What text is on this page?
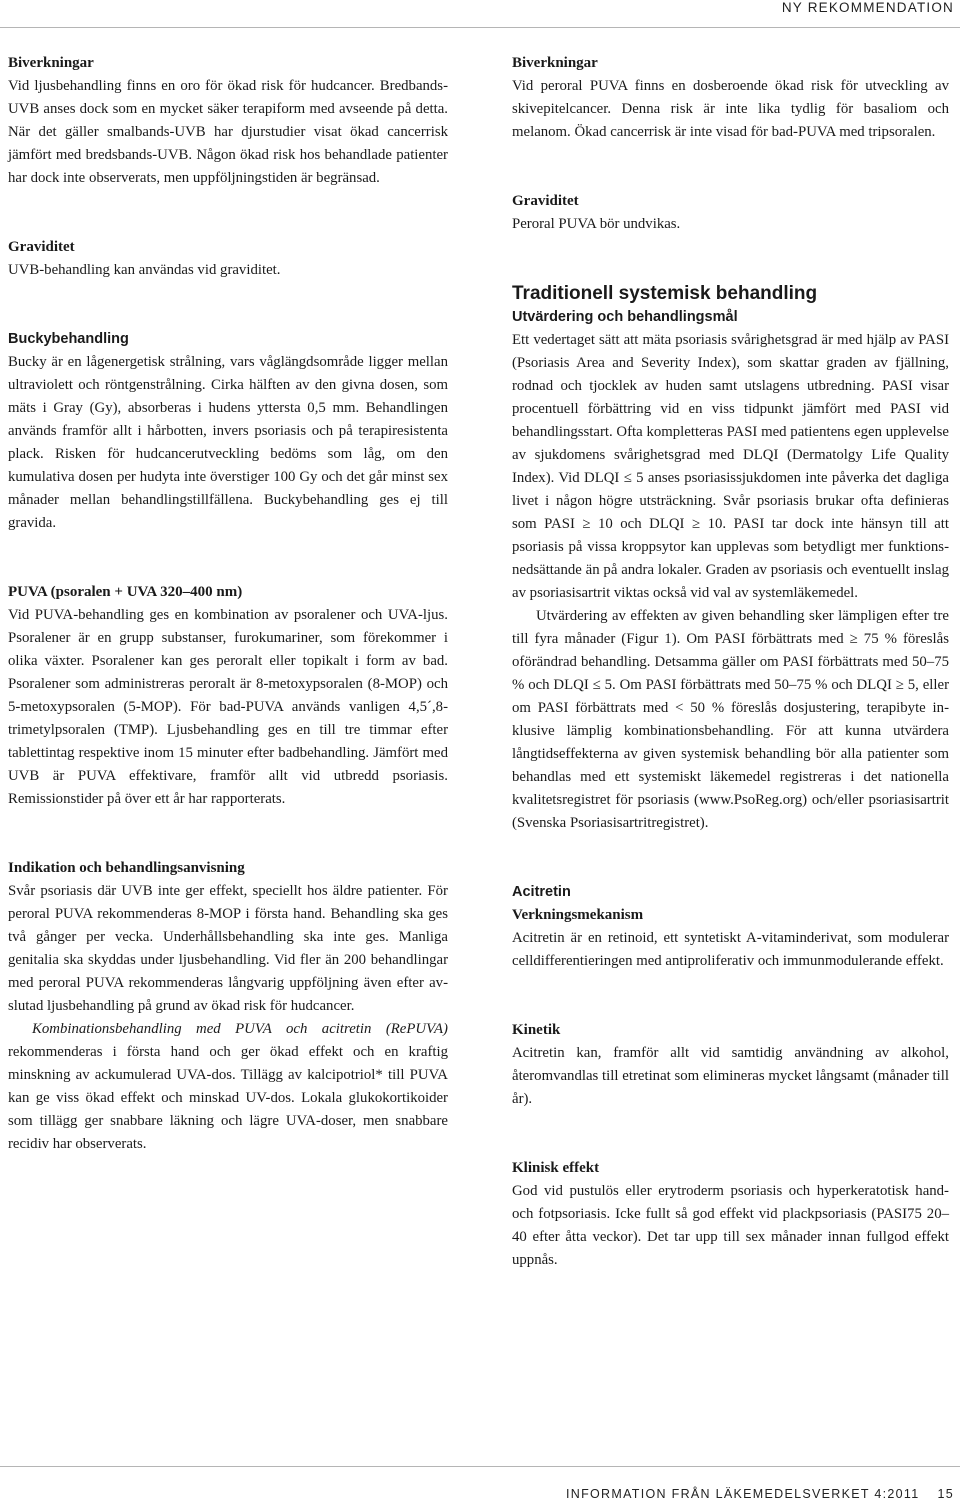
NY REKOMMENDATION
Biverkningar

Vid ljusbehandling finns en oro för ökad risk för hudcancer. Bredbands-UVB anses dock som en mycket säker terapiform med avseende på detta. När det gäller smalbands-UVB har djurstudier visat ökad cancerrisk jämfört med bredsbands-UVB. Någon ökad risk hos behandlade patienter har dock inte observerats, men uppföljningstiden är begränsad.

Graviditet

UVB-behandling kan användas vid graviditet.

Buckybehandling

Bucky är en lågenergetisk strålning, vars våglängdsområde ligger mellan ultraviolett och röntgenstrålning. Cirka hälften av den givna dosen, som mäts i Gray (Gy), absorberas i hudens yttersta 0,5 mm. Behandlingen används framför allt i hårbotten, invers psoriasis och på terapiresistenta plack. Risken för hudcancerutveckling bedöms som låg, om den kumulativa dosen per hudyta inte överstiger 100 Gy och det går minst sex månader mellan behandlingstillfällena. Buckybehandling ges ej till gravida.

PUVA (psoralen + UVA 320–400 nm)

Vid PUVA-behandling ges en kombination av psoralener och UVA-ljus. Psoralener är en grupp substanser, furokumariner, som förekommer i olika växter. Psoralener kan ges peroralt eller topikalt i form av bad. Psoralener som administreras peroralt är 8-metoxypsoralen (8-MOP) och 5-metoxypsoralen (5-MOP). För bad-PUVA används vanligen 4,5´,8-trimetylpsoralen (TMP). Ljusbehandling ges en till tre timmar efter tablettintag respektive inom 15 minuter efter badbehandling. Jämfört med UVB är PUVA effektivare, framför allt vid utbredd psoriasis. Remissionstider på över ett år har rapporterats.

Indikation och behandlingsanvisning

Svår psoriasis där UVB inte ger effekt, speciellt hos äldre patienter. För peroral PUVA rekommenderas 8-MOP i första hand. Behandling ska ges två gånger per vecka. Underhållsbehandling ska inte ges. Manliga genitalia ska skyddas under ljusbehandling. Vid fler än 200 behandlingar med peroral PUVA rekommenderas långvarig uppföljning även efter avslutad ljusbehandling på grund av ökad risk för hudcancer.

Kombinationsbehandling med PUVA och acitretin (RePUVA) rekommenderas i första hand och ger ökad effekt och en kraftig minskning av ackumulerad UVA-dos. Tillägg av kalcipotriol* till PUVA kan ge viss ökad effekt och minskad UV-dos. Lokala glukokortikoider som tillägg ger snabbare läkning och lägre UVA-doser, men snabbare recidiv har observerats.

Biverkningar

Vid peroral PUVA finns en dosberoende ökad risk för utveckling av skivepitelcancer. Denna risk är inte lika tydlig för basaliom och melanom. Ökad cancerrisk är inte visad för bad-PUVA med tripsoralen.

Graviditet

Peroral PUVA bör undvikas.

Traditionell systemisk behandling
Utvärdering och behandlingsmål

Ett vedertaget sätt att mäta psoriasis svårighetsgrad är med hjälp av PASI (Psoriasis Area and Severity Index), som skattar graden av fjällning, rodnad och tjocklek av huden samt utslagens utbredning. PASI visar procentuell förbättring vid en viss tidpunkt jämfört med PASI vid behandlingsstart. Ofta kompletteras PASI med patientens egen upplevelse av sjukdomens svårighetsgrad med DLQI (Dermatolgy Life Quality Index). Vid DLQI ≤ 5 anses psoriasissjukdomen inte påverka det dagliga livet i någon högre utsträckning. Svår psoriasis brukar ofta definieras som PASI ≥ 10 och DLQI ≥ 10. PASI tar dock inte hänsyn till att psoriasis på vissa kroppsytor kan upplevas som betydligt mer funktionsnedsättande än på andra lokaler. Graden av psoriasis och eventuellt inslag av psoriasisartrit viktas också vid val av systemläkemedel.

Utvärdering av effekten av given behandling sker lämpligen efter tre till fyra månader (Figur 1). Om PASI förbättrats med ≥ 75 % föreslås oförändrad behandling. Detsamma gäller om PASI förbättrats med 50–75 % och DLQI ≤ 5. Om PASI förbättrats med 50–75 % och DLQI ≥ 5, eller om PASI förbättrats med < 50 % föreslås dosjustering, terapibyte inklusive lämplig kombinationsbehandling. För att kunna utvärdera långtidseffekterna av given systemisk behandling bör alla patienter som behandlas med ett systemiskt läkemedel registreras i det nationella kvalitetsregistret för psoriasis (www.PsoReg.org) och/eller psoriasisartrit (Svenska Psoriasisartritregistret).

Acitretin
Verkningsmekanism

Acitretin är en retinoid, ett syntetiskt A-vitaminderivat, som modulerar celldifferentieringen med antiproliferativ och immunmodulerande effekt.

Kinetik

Acitretin kan, framför allt vid samtidig användning av alkohol, återomvandlas till etretinat som elimineras mycket långsamt (månader till år).

Klinisk effekt

God vid pustulös eller erytroderm psoriasis och hyperkeratotisk hand- och fotpsoriasis. Icke fullt så god effekt vid plackpsoriasis (PASI75 20–40 efter åtta veckor). Det tar upp till sex månader innan fullgod effekt uppnås.

INFORMATION FRÅN LÄKEMEDELSVERKET 4:2011 15
